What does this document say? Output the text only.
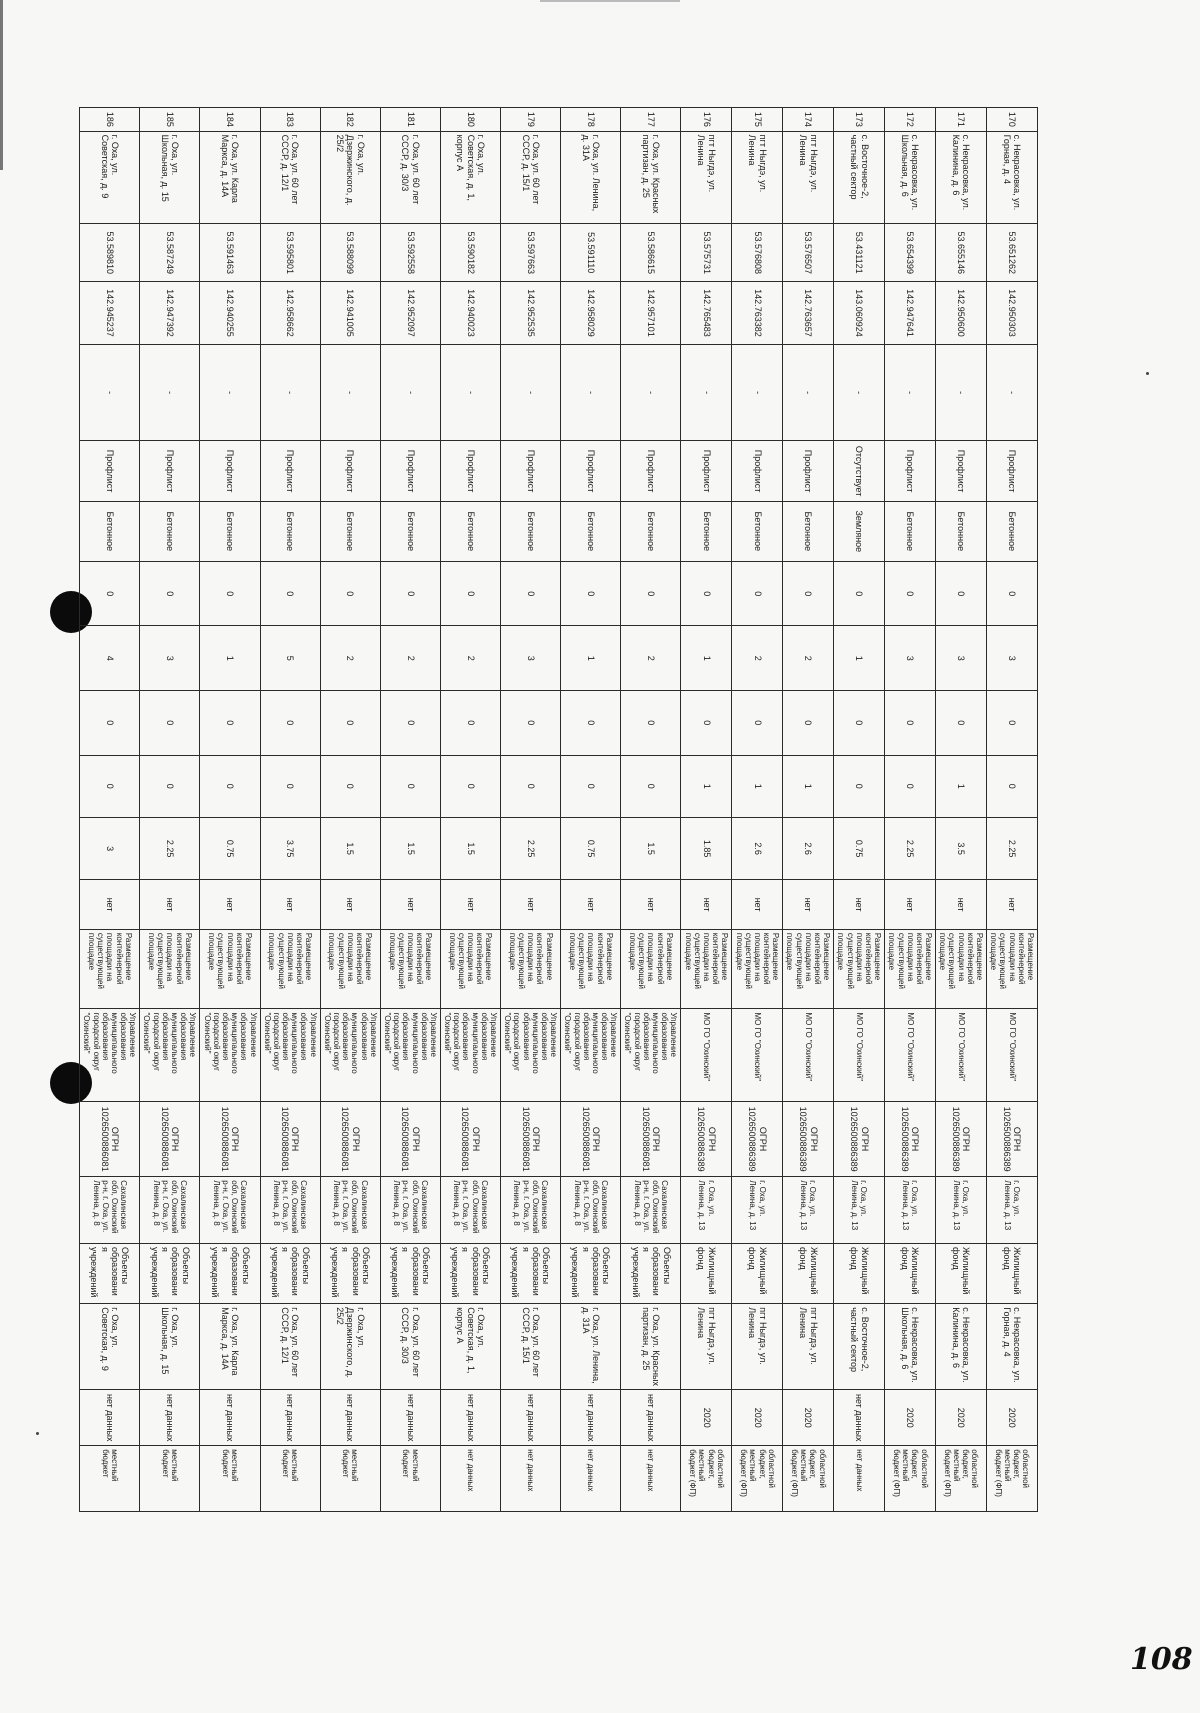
170	с. Некрасовка, ул. Горная, д. 4	53.651262	142.950303	-	Профлист	Бетонное	0	3	0	0	2.25	нет	Размещение контейнерной площадки на существующей площадке	МО ГО "Охинский"	ОГРН 1026500886389	г. Оха, ул. Ленина, д. 13	Жилищный фонд	с. Некрасовка, ул. Горная, д. 4	2020	областной бюджет, местный бюджет (ФП)
171	с. Некрасовка, ул. Калинина, д. 6	53.655146	142.950600	-	Профлист	Бетонное	0	3	0	1	3.5	нет	Размещение контейнерной площадки на существующей площадке	МО ГО "Охинский"	ОГРН 1026500886389	г. Оха, ул. Ленина, д. 13	Жилищный фонд	с. Некрасовка, ул. Калинина, д. 6	2020	областной бюджет, местный бюджет (ФП)
172	с. Некрасовка, ул. Школьная, д. 6	53.654399	142.947641	-	Профлист	Бетонное	0	3	0	0	2.25	нет	Размещение контейнерной площадки на существующей площадке	МО ГО "Охинский"	ОГРН 1026500886389	г. Оха, ул. Ленина, д. 13	Жилищный фонд	с. Некрасовка, ул. Школьная, д. 6	2020	областной бюджет, местный бюджет (ФП)
173	с. Восточное-2, частный сектор	53.431121	143.060924	-	Отсутствует	Земляное	0	1	0	0	0.75	нет	Размещение контейнерной площадки на существующей площадке	МО ГО "Охинский"	ОГРН 1026500886389	г. Оха, ул. Ленина, д. 13	Жилищный фонд	с. Восточное-2, частный сектор	нет данных	нет данных
174	пгт Ныгдэ, ул. Ленина	53.576507	142.763657	-	Профлист	Бетонное	0	2	0	1	2.6	нет	Размещение контейнерной площадки на существующей площадке	МО ГО "Охинский"	ОГРН 1026500886389	г. Оха, ул. Ленина, д. 13	Жилищный фонд	пгт Ныгдэ, ул. Ленина	2020	областной бюджет, местный бюджет (ФП)
175	пгт Ныгдэ, ул. Ленина	53.576808	142.763382	-	Профлист	Бетонное	0	2	0	1	2.6	нет	Размещение контейнерной площадки на существующей площадке	МО ГО "Охинский"	ОГРН 1026500886389	г. Оха, ул. Ленина, д. 13	Жилищный фонд	пгт Ныгдэ, ул. Ленина	2020	областной бюджет, местный бюджет (ФП)
176	пгт Ныгдэ, ул. Ленина	53.575731	142.765483	-	Профлист	Бетонное	0	1	0	1	1.85	нет	Размещение контейнерной площадки на существующей площадке	МО ГО "Охинский"	ОГРН 1026500886389	г. Оха, ул. Ленина, д. 13	Жилищный фонд	пгт Ныгдэ, ул. Ленина	2020	областной бюджет, местный бюджет (ФП)
177	г. Оха, ул. Красных партизан, д. 25	53.586615	142.957101	-	Профлист	Бетонное	0	2	0	0	1.5	нет	Размещение контейнерной площадки на существующей площадке	Управление образования муниципального образования городской округ "Охинский"	ОГРН 1026500886081	Сахалинская обл, Охинский р-н, г. Оха, ул. Ленина, д. 8	Объекты образования учреждений	г. Оха, ул. Красных партизан, д. 25	нет данных	нет данных
178	г. Оха, ул. Ленина, д. 31А	53.591110	142.958029	-	Профлист	Бетонное	0	1	0	0	0.75	нет	Размещение контейнерной площадки на существующей площадке	Управление образования муниципального образования городской округ "Охинский"	ОГРН 1026500886081	Сахалинская обл, Охинский р-н, г. Оха, ул. Ленина, д. 8	Объекты образования учреждений	г. Оха, ул. Ленина, д. 31А	нет данных	нет данных
179	г. Оха, ул. 60 лет СССР, д. 15/1	53.597663	142.952535	-	Профлист	Бетонное	0	3	0	0	2.25	нет	Размещение контейнерной площадки на существующей площадке	Управление образования муниципального образования городской округ "Охинский"	ОГРН 1026500886081	Сахалинская обл, Охинский р-н, г. Оха, ул. Ленина, д. 8	Объекты образования учреждений	г. Оха, ул. 60 лет СССР, д. 15/1	нет данных	нет данных
180	г. Оха, ул. Советская, д. 1, корпус А	53.590182	142.940023	-	Профлист	Бетонное	0	2	0	0	1.5	нет	Размещение контейнерной площадки на существующей площадке	Управление образования муниципального образования городской округ "Охинский"	ОГРН 1026500886081	Сахалинская обл, Охинский р-н, г. Оха, ул. Ленина, д. 8	Объекты образования учреждений	г. Оха, ул. Советская, д. 1, корпус А	нет данных	нет данных
181	г. Оха, ул. 60 лет СССР, д. 30/3	53.592558	142.952097	-	Профлист	Бетонное	0	2	0	0	1.5	нет	Размещение контейнерной площадки на существующей площадке	Управление образования муниципального образования городской округ "Охинский"	ОГРН 1026500886081	Сахалинская обл, Охинский р-н, г. Оха, ул. Ленина, д. 8	Объекты образования учреждений	г. Оха, ул. 60 лет СССР, д. 30/3	нет данных	местный бюджет
182	г. Оха, ул. Дзержинского, д. 25/2	53.588099	142.941005	-	Профлист	Бетонное	0	2	0	0	1.5	нет	Размещение контейнерной площадки на существующей площадке	Управление образования муниципального образования городской округ "Охинский"	ОГРН 1026500886081	Сахалинская обл, Охинский р-н, г. Оха, ул. Ленина, д. 8	Объекты образования учреждений	г. Оха, ул. Дзержинского, д. 25/2	нет данных	местный бюджет
183	г. Оха, ул. 60 лет СССР, д. 12/1	53.595801	142.958662	-	Профлист	Бетонное	0	5	0	0	3.75	нет	Размещение контейнерной площадки на существующей площадке	Управление образования муниципального образования городской округ "Охинский"	ОГРН 1026500886081	Сахалинская обл, Охинский р-н, г. Оха, ул. Ленина, д. 8	Объекты образования учреждений	г. Оха, ул. 60 лет СССР, д. 12/1	нет данных	местный бюджет
184	г. Оха, ул. Карла Маркса, д. 14А	53.591463	142.940255	-	Профлист	Бетонное	0	1	0	0	0.75	нет	Размещение контейнерной площадки на существующей площадке	Управление образования муниципального образования городской округ "Охинский"	ОГРН 1026500886081	Сахалинская обл, Охинский р-н, г. Оха, ул. Ленина, д. 8	Объекты образования учреждений	г. Оха, ул. Карла Маркса, д. 14А	нет данных	местный бюджет
185	г. Оха, ул. Школьная, д. 15	53.587249	142.947392	-	Профлист	Бетонное	0	3	0	0	2.25	нет	Размещение контейнерной площадки на существующей площадке	Управление образования муниципального образования городской округ "Охинский"	ОГРН 1026500886081	Сахалинская обл, Охинский р-н, г. Оха, ул. Ленина, д. 8	Объекты образования учреждений	г. Оха, ул. Школьная, д. 15	нет данных	местный бюджет
186	г. Оха, ул. Советская, д. 9	53.589810	142.945237	-	Профлист	Бетонное	0	4	0	0	3	нет	Размещение контейнерной площадки на существующей площадке	Управление образования муниципального образования городской округ "Охинский"	ОГРН 1026500886081	Сахалинская обл, Охинский р-н, г. Оха, ул. Ленина, д. 8	Объекты образования учреждений	г. Оха, ул. Советская, д. 9	нет данных	местный бюджет
108
